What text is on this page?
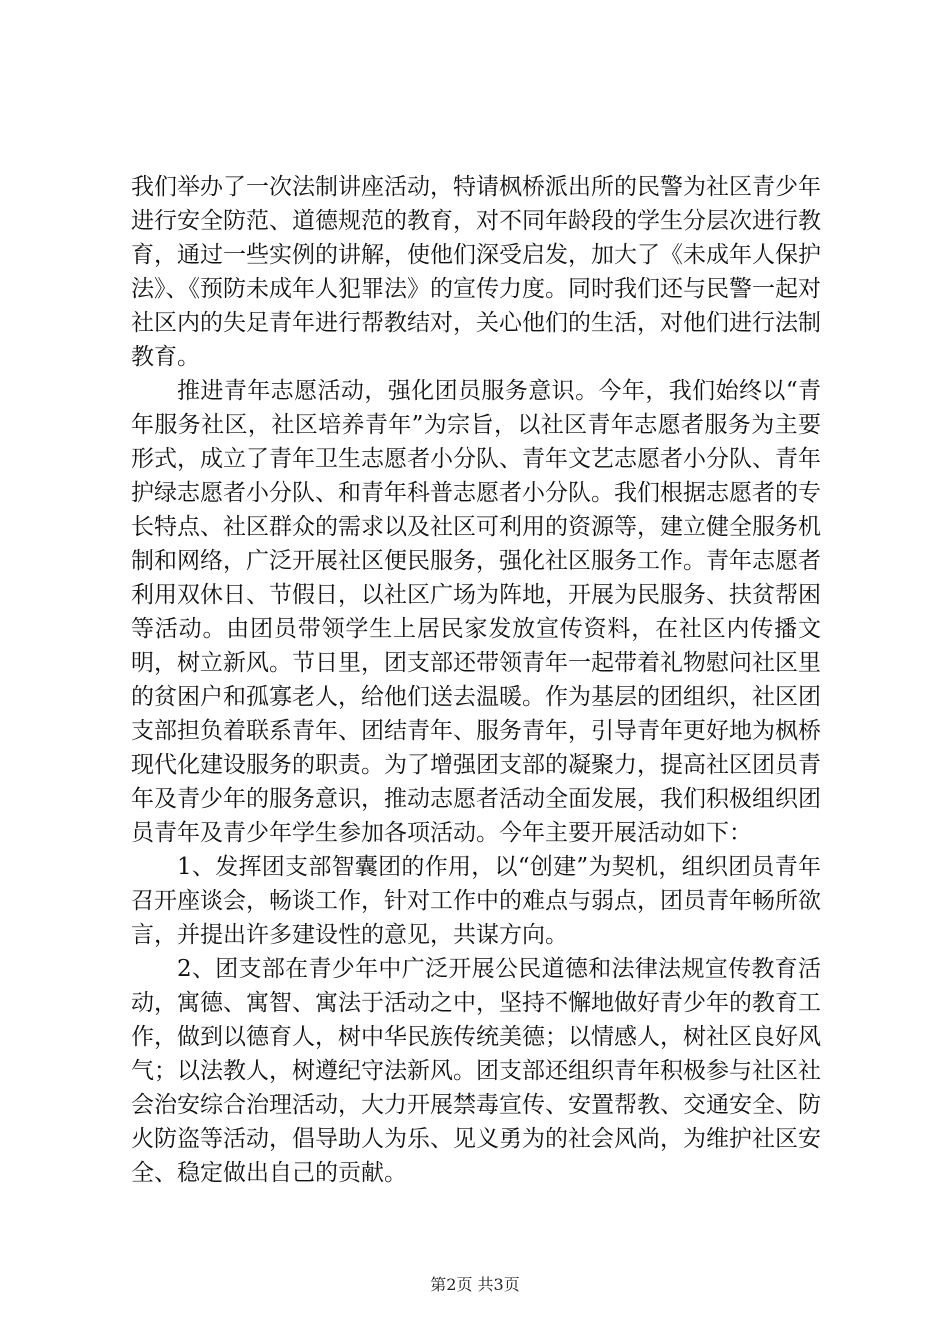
我们举办了一次法制讲座活动，特请枫桥派出所的民警为社区青少年进行安全防范、道德规范的教育，对不同年龄段的学生分层次进行教育，通过一些实例的讲解，使他们深受启发，加大了《未成年人保护法》、《预防未成年人犯罪法》的宣传力度。同时我们还与民警一起对社区内的失足青年进行帮教结对，关心他们的生活，对他们进行法制教育。

推进青年志愿活动，强化团员服务意识。今年，我们始终以“青年服务社区，社区培养青年”为宗旨，以社区青年志愿者服务为主要形式，成立了青年卫生志愿者小分队、青年文艺志愿者小分队、青年护绿志愿者小分队、和青年科普志愿者小分队。我们根据志愿者的专长特点、社区群众的需求以及社区可利用的资源等，建立健全服务机制和网络，广泛开展社区便民服务，强化社区服务工作。青年志愿者利用双休日、节假日，以社区广场为阵地，开展为民服务、扶贫帮困等活动。由团员带领学生上居民家发放宣传资料，在社区内传播文明，树立新风。节日里，团支部还带领青年一起带着礼物慰问社区里的贫困户和孤寡老人，给他们送去温暖。作为基层的团组织，社区团支部担负着联系青年、团结青年、服务青年，引导青年更好地为枫桥现代化建设服务的职责。为了增强团支部的凝聚力，提高社区团员青年及青少年的服务意识，推动志愿者活动全面发展，我们积极组织团员青年及青少年学生参加各项活动。今年主要开展活动如下：

1、发挥团支部智囊团的作用，以“创建”为契机，组织团员青年召开座谈会，畅谈工作，针对工作中的难点与弱点，团员青年畅所欲言，并提出许多建设性的意见，共谋方向。

2、团支部在青少年中广泛开展公民道德和法律法规宣传教育活动，寓德、寓智、寓法于活动之中，坚持不懈地做好青少年的教育工作，做到以德育人，树中华民族传统美德；以情感人，树社区良好风气；以法教人，树遵纪守法新风。团支部还组织青年积极参与社区社会治安综合治理活动，大力开展禁毒宣传、安置帮教、交通安全、防火防盗等活动，倡导助人为乐、见义勇为的社会风尚，为维护社区安全、稳定做出自己的贡献。

第2页 共3页
